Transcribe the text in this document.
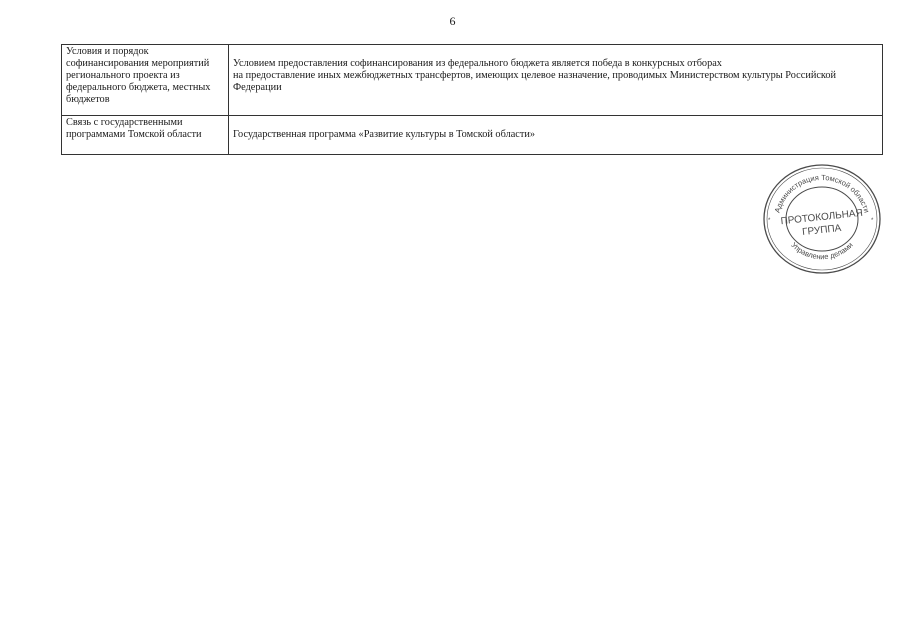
6
Условия и порядок софинансирования мероприятий регионального проекта из федерального бюджета, местных бюджетов	Условием предоставления софинансирования из федерального бюджета является победа в конкурсных отборах
на предоставление иных межбюджетных трансфертов, имеющих целевое назначение, проводимых Министерством культуры Российской Федерации
Связь с государственными программами Томской области	Государственная программа «Развитие культуры в Томской области»
Администрация Томской области
Управление делами
ПРОТОКОЛЬНАЯ
ГРУППА
*	*
